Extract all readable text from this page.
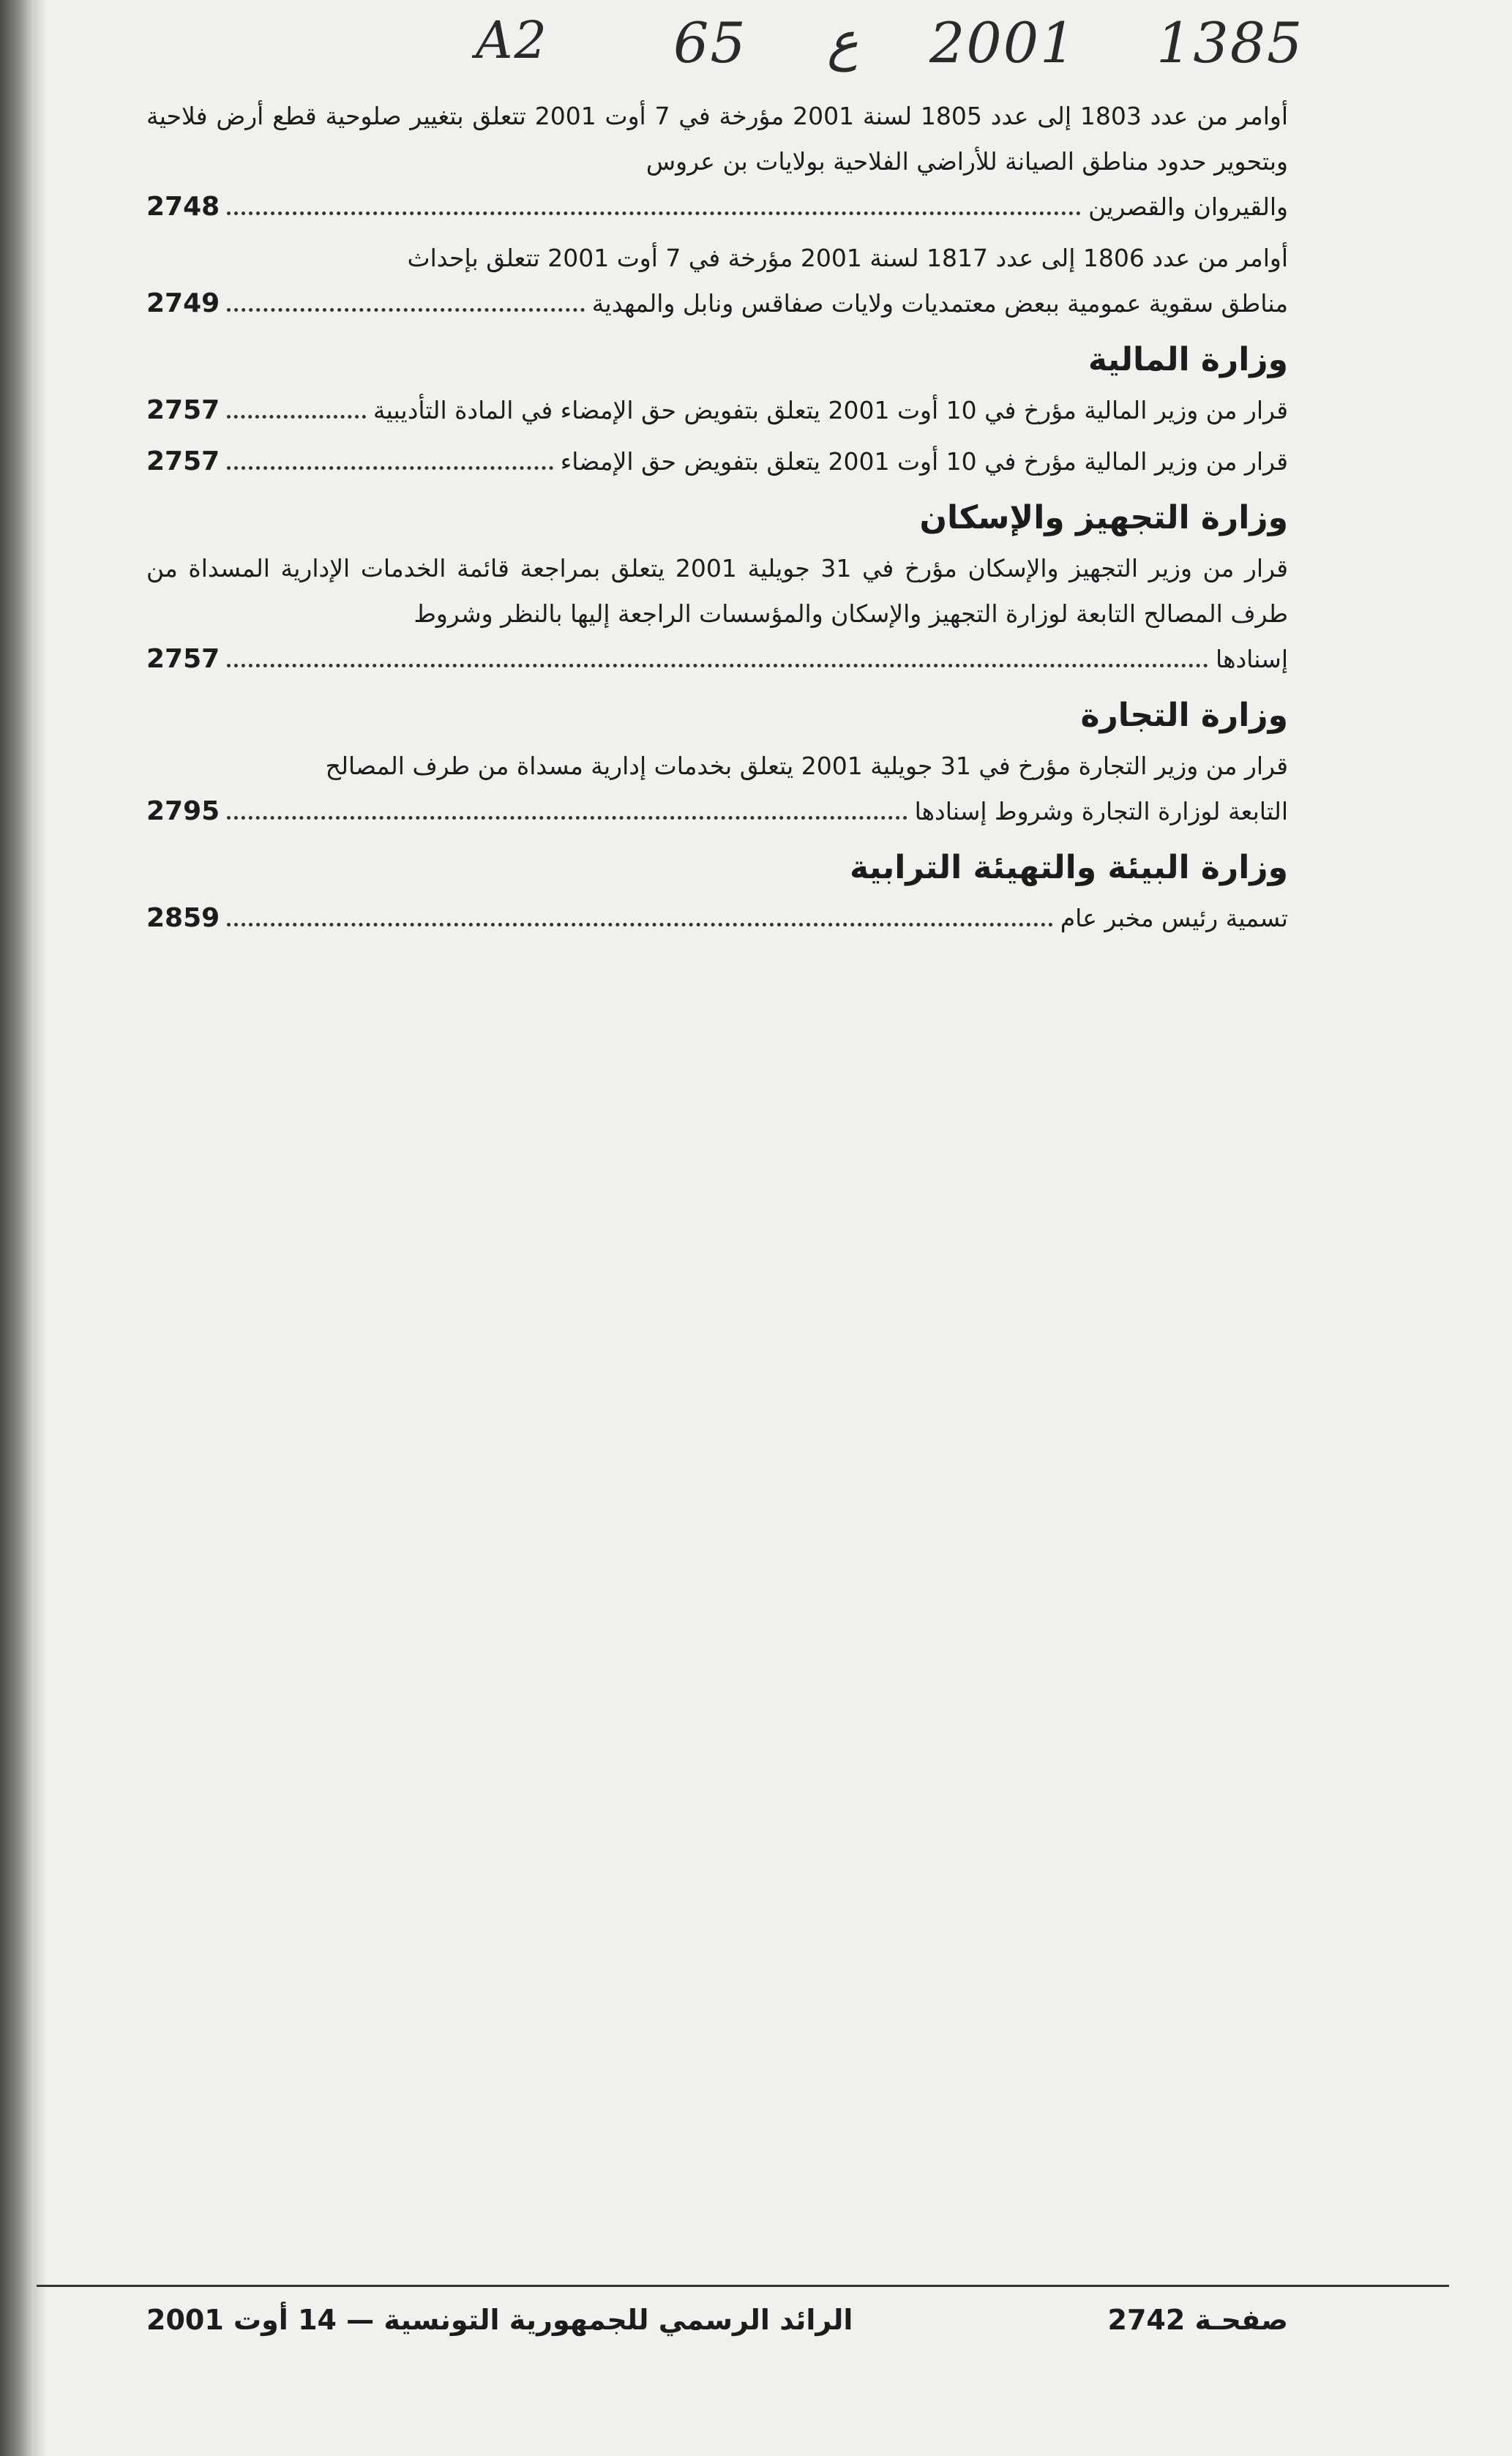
A2 65 ع 2001 1385
أوامر من عدد 1803 إلى عدد 1805 لسنة 2001 مؤرخة في 7 أوت 2001 تتعلق بتغيير صلوحية قطع أرض فلاحية وبتحوير حدود مناطق الصيانة للأراضي الفلاحية بولايات بن عروس
والقيروان والقصرين
2748
أوامر من عدد 1806 إلى عدد 1817 لسنة 2001 مؤرخة في 7 أوت 2001 تتعلق بإحداث
مناطق سقوية عمومية ببعض معتمديات ولايات صفاقس ونابل والمهدية
2749
وزارة المالية
قرار من وزير المالية مؤرخ في 10 أوت 2001 يتعلق بتفويض حق الإمضاء في المادة التأديبية
2757
قرار من وزير المالية مؤرخ في 10 أوت 2001 يتعلق بتفويض حق الإمضاء
2757
وزارة التجهيز والإسكان
قرار من وزير التجهيز والإسكان مؤرخ في 31 جويلية 2001 يتعلق بمراجعة قائمة الخدمات الإدارية المسداة من طرف المصالح التابعة لوزارة التجهيز والإسكان والمؤسسات الراجعة إليها بالنظر وشروط
إسنادها
2757
وزارة التجارة
قرار من وزير التجارة مؤرخ في 31 جويلية 2001 يتعلق بخدمات إدارية مسداة من طرف المصالح
التابعة لوزارة التجارة وشروط إسنادها
2795
وزارة البيئة والتهيئة الترابية
تسمية رئيس مخبر عام
2859
صفحـة 2742
الرائد الرسمي للجمهورية التونسية — 14 أوت 2001
